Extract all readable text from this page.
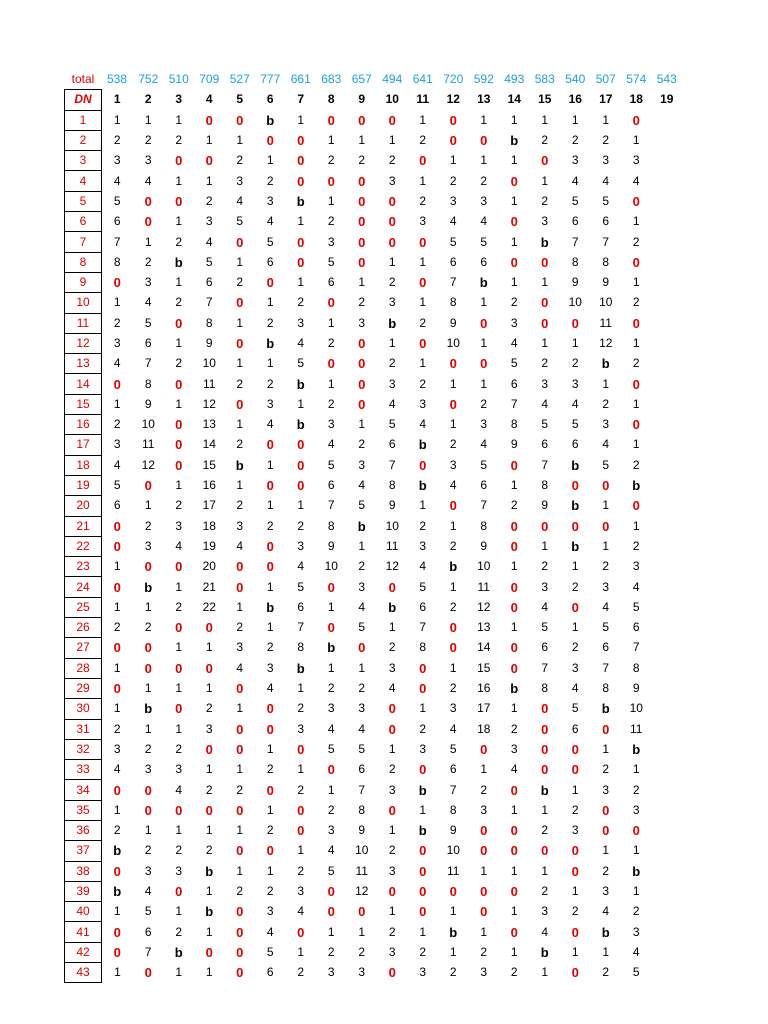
total	538	752	510	709	527	777	661	683	657	494	641	720	592	493	583	540	507	574	543
DN	1	2	3	4	5	6	7	8	9	10	11	12	13	14	15	16	17	18	19
1	1	1	1	0	0	b	1	0	0	0	1	0	1	1	1	1	1	0	
2	2	2	2	1	1	0	0	1	1	1	2	0	0	b	2	2	2	1	
3	3	3	0	0	2	1	0	2	2	2	0	1	1	1	0	3	3	3	
4	4	4	1	1	3	2	0	0	0	3	1	2	2	0	1	4	4	4	
5	5	0	0	2	4	3	b	1	0	0	2	3	3	1	2	5	5	0	
6	6	0	1	3	5	4	1	2	0	0	3	4	4	0	3	6	6	1	
7	7	1	2	4	0	5	0	3	0	0	0	5	5	1	b	7	7	2	
8	8	2	b	5	1	6	0	5	0	1	1	6	6	0	0	8	8	0	
9	0	3	1	6	2	0	1	6	1	2	0	7	b	1	1	9	9	1	
10	1	4	2	7	0	1	2	0	2	3	1	8	1	2	0	10	10	2	
11	2	5	0	8	1	2	3	1	3	b	2	9	0	3	0	0	11	0	
12	3	6	1	9	0	b	4	2	0	1	0	10	1	4	1	1	12	1	
13	4	7	2	10	1	1	5	0	0	2	1	0	0	5	2	2	b	2	
14	0	8	0	11	2	2	b	1	0	3	2	1	1	6	3	3	1	0	
15	1	9	1	12	0	3	1	2	0	4	3	0	2	7	4	4	2	1	
16	2	10	0	13	1	4	b	3	1	5	4	1	3	8	5	5	3	0	
17	3	11	0	14	2	0	0	4	2	6	b	2	4	9	6	6	4	1	
18	4	12	0	15	b	1	0	5	3	7	0	3	5	0	7	b	5	2	
19	5	0	1	16	1	0	0	6	4	8	b	4	6	1	8	0	0	b	
20	6	1	2	17	2	1	1	7	5	9	1	0	7	2	9	b	1	0	
21	0	2	3	18	3	2	2	8	b	10	2	1	8	0	0	0	0	1	
22	0	3	4	19	4	0	3	9	1	11	3	2	9	0	1	b	1	2	
23	1	0	0	20	0	0	4	10	2	12	4	b	10	1	2	1	2	3	
24	0	b	1	21	0	1	5	0	3	0	5	1	11	0	3	2	3	4	
25	1	1	2	22	1	b	6	1	4	b	6	2	12	0	4	0	4	5	
26	2	2	0	0	2	1	7	0	5	1	7	0	13	1	5	1	5	6	
27	0	0	1	1	3	2	8	b	0	2	8	0	14	0	6	2	6	7	
28	1	0	0	0	4	3	b	1	1	3	0	1	15	0	7	3	7	8	
29	0	1	1	1	0	4	1	2	2	4	0	2	16	b	8	4	8	9	
30	1	b	0	2	1	0	2	3	3	0	1	3	17	1	0	5	b	10	
31	2	1	1	3	0	0	3	4	4	0	2	4	18	2	0	6	0	11	
32	3	2	2	0	0	1	0	5	5	1	3	5	0	3	0	0	1	b	
33	4	3	3	1	1	2	1	0	6	2	0	6	1	4	0	0	2	1	
34	0	0	4	2	2	0	2	1	7	3	b	7	2	0	b	1	3	2	
35	1	0	0	0	0	1	0	2	8	0	1	8	3	1	1	2	0	3	
36	2	1	1	1	1	2	0	3	9	1	b	9	0	0	2	3	0	0	
37	b	2	2	2	0	0	1	4	10	2	0	10	0	0	0	0	1	1	
38	0	3	3	b	1	1	2	5	11	3	0	11	1	1	1	0	2	b	
39	b	4	0	1	2	2	3	0	12	0	0	0	0	0	2	1	3	1	
40	1	5	1	b	0	3	4	0	0	1	0	1	0	1	3	2	4	2	
41	0	6	2	1	0	4	0	1	1	2	1	b	1	0	4	0	b	3	
42	0	7	b	0	0	5	1	2	2	3	2	1	2	1	b	1	1	4	
43	1	0	1	1	0	6	2	3	3	0	3	2	3	2	1	0	2	5	
